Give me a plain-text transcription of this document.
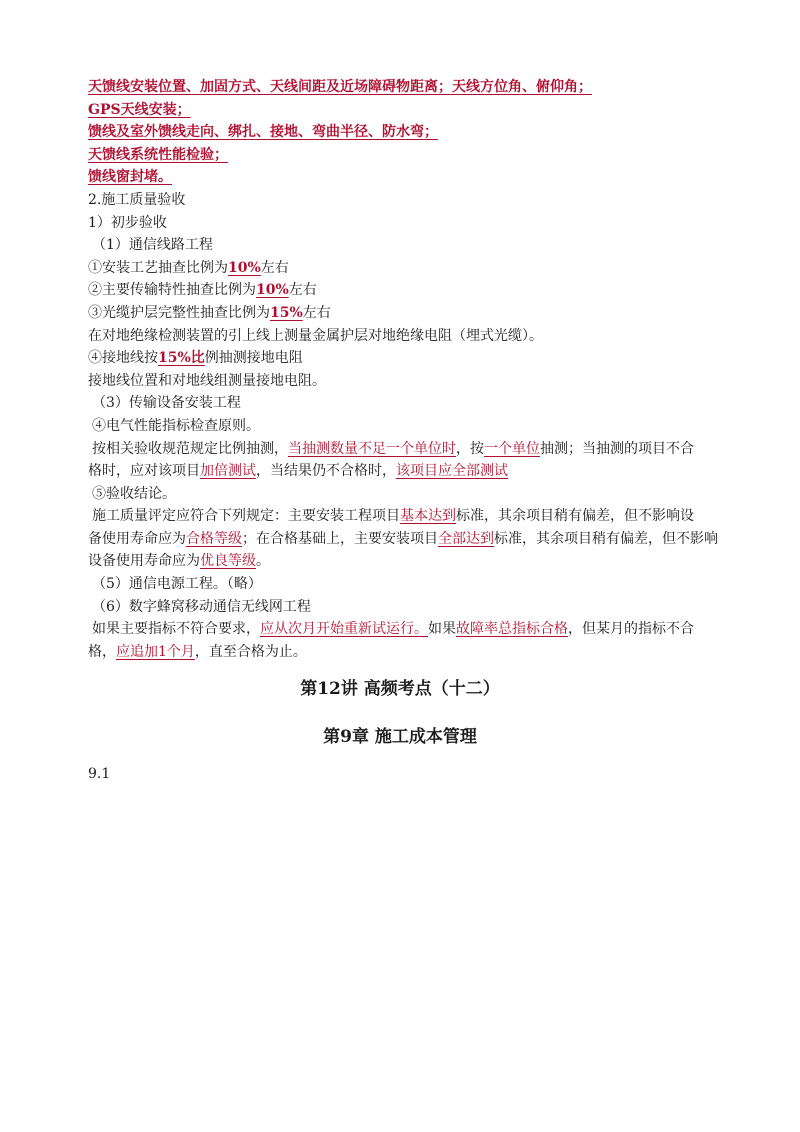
天馈线安装位置、加固方式、天线间距及近场障碍物距离；天线方位角、俯仰角；
GPS天线安装；
馈线及室外馈线走向、绑扎、接地、弯曲半径、防水弯；
天馈线系统性能检验；
馈线窗封堵。
2.施工质量验收
1）初步验收
（1）通信线路工程
①安装工艺抽查比例为10%左右
②主要传输特性抽查比例为10%左右
③光缆护层完整性抽查比例为15%左右
在对地绝缘检测装置的引上线上测量金属护层对地绝缘电阻（埋式光缆）。
④接地线按15%比例抽测接地电阻
接地线位置和对地线组测量接地电阻。
（3）传输设备安装工程
④电气性能指标检查原则。
按相关验收规范规定比例抽测，当抽测数量不足一个单位时，按一个单位抽测；当抽测的项目不合
格时，应对该项目加倍测试，当结果仍不合格时，该项目应全部测试
⑤验收结论。
施工质量评定应符合下列规定：主要安装工程项目基本达到标准，其余项目稍有偏差，但不影响设
备使用寿命应为合格等级；在合格基础上，主要安装项目全部达到标准，其余项目稍有偏差，但不影响
设备使用寿命应为优良等级。
（5）通信电源工程。（略）
（6）数字蜂窝移动通信无线网工程
如果主要指标不符合要求，应从次月开始重新试运行。如果故障率总指标合格，但某月的指标不合
格，应追加1个月，直至合格为止。
第12讲 高频考点（十二）
第9章 施工成本管理
9.1
